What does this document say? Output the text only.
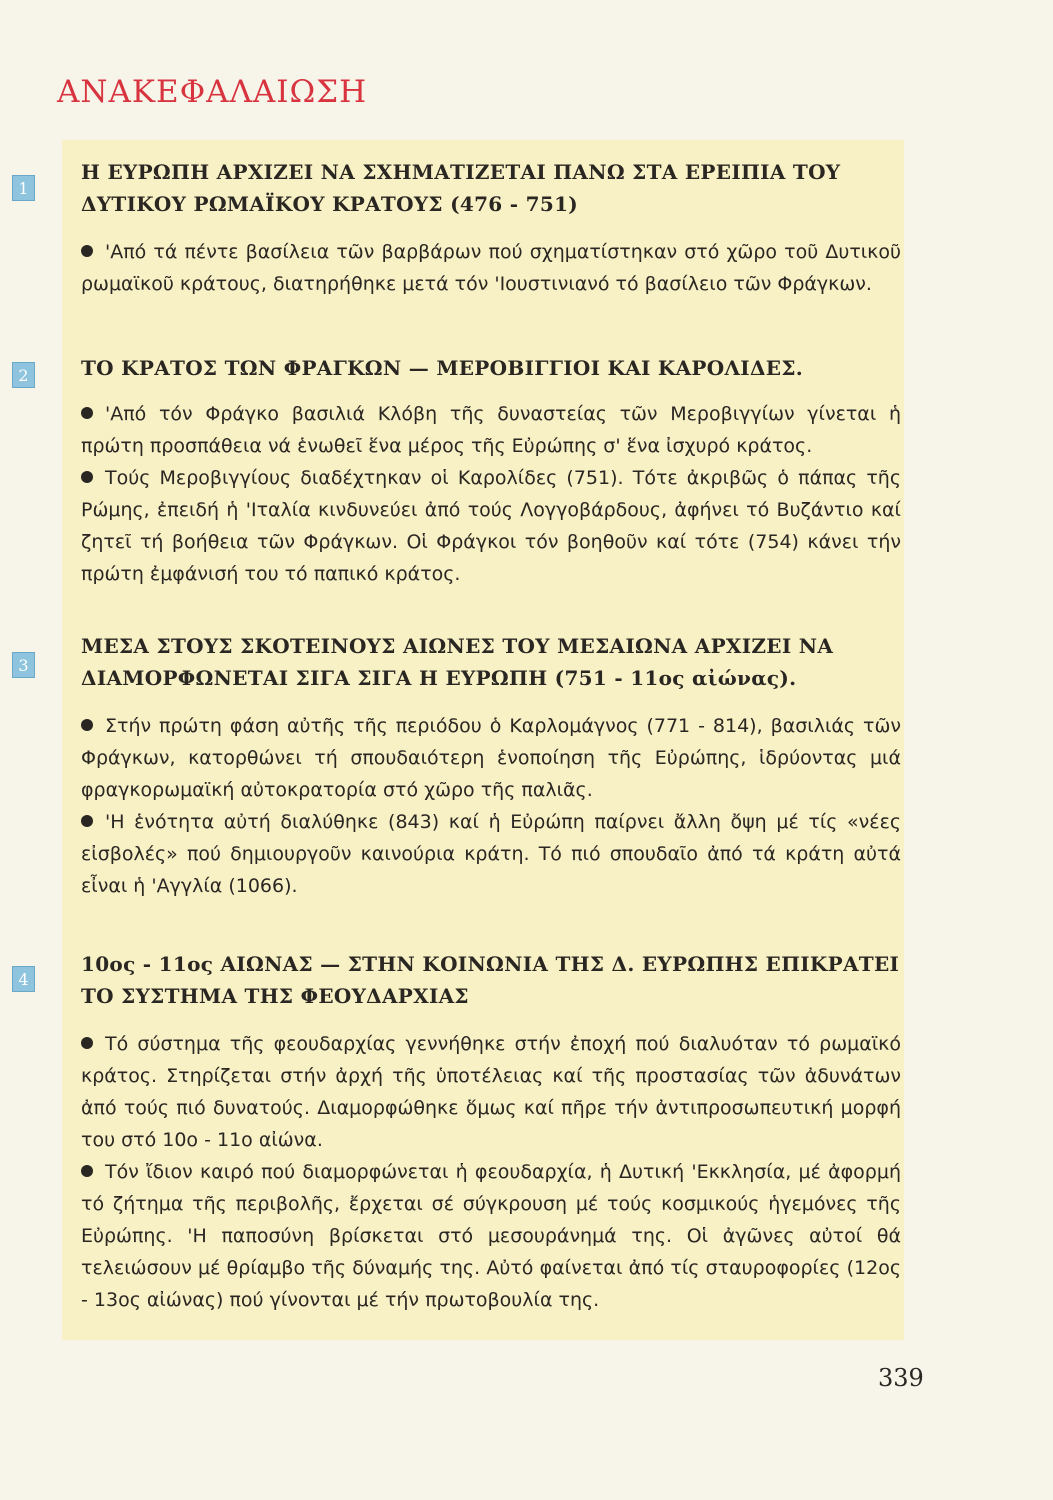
ΑΝΑΚΕΦΑΛΑΙΩΣΗ
1
Η ΕΥΡΩΠΗ ΑΡΧΙΖΕΙ ΝΑ ΣΧΗΜΑΤΙΖΕΤΑΙ ΠΑΝΩ ΣΤΑ ΕΡΕΙΠΙΑ ΤΟΥ ΔΥΤΙΚΟΥ ΡΩΜΑΪΚΟΥ ΚΡΑΤΟΥΣ (476 - 751)

'Από τά πέντε βασίλεια τῶν βαρβάρων πού σχηματίστηκαν στό χῶρο τοῦ Δυτικοῦ ρωμαϊκοῦ κράτους, διατηρήθηκε μετά τόν 'Ιουστινιανό τό βασίλειο τῶν Φράγκων.

2	ΤΟ ΚΡΑΤΟΣ ΤΩΝ ΦΡΑΓΚΩΝ — ΜΕΡΟΒΙΓΓΙΟΙ ΚΑΙ ΚΑΡΟΛΙΔΕΣ.

'Από τόν Φράγκο βασιλιά Κλόβη τῆς δυναστείας τῶν Μεροβιγγίων γίνεται ἡ πρώτη προσπάθεια νά ἑνωθεῖ ἕνα μέρος τῆς Εὐρώπης σ' ἕνα ἰσχυρό κράτος.

Τούς Μεροβιγγίους διαδέχτηκαν οἱ Καρολίδες (751). Τότε ἀκριβῶς ὁ πάπας τῆς Ρώμης, ἐπειδή ἡ 'Ιταλία κινδυνεύει ἀπό τούς Λογγοβάρδους, ἀφήνει τό Βυζάντιο καί ζητεῖ τή βοήθεια τῶν Φράγκων. Οἱ Φράγκοι τόν βοηθοῦν καί τότε (754) κάνει τήν πρώτη ἐμφάνισή του τό παπικό κράτος.

3
ΜΕΣΑ ΣΤΟΥΣ ΣΚΟΤΕΙΝΟΥΣ ΑΙΩΝΕΣ ΤΟΥ ΜΕΣΑΙΩΝΑ ΑΡΧΙΖΕΙ ΝΑ ΔΙΑΜΟΡΦΩΝΕΤΑΙ ΣΙΓΑ ΣΙΓΑ Η ΕΥΡΩΠΗ (751 - 11ος αἰώνας).

Στήν πρώτη φάση αὐτῆς τῆς περιόδου ὁ Καρλομάγνος (771 - 814), βασιλιάς τῶν Φράγκων, κατορθώνει τή σπουδαιότερη ἑνοποίηση τῆς Εὐρώπης, ἱδρύοντας μιά φραγκορωμαϊκή αὐτοκρατορία στό χῶρο τῆς παλιᾶς.

'Η ἑνότητα αὐτή διαλύθηκε (843) καί ἡ Εὐρώπη παίρνει ἄλλη ὄψη μέ τίς «νέες εἰσβολές» πού δημιουργοῦν καινούρια κράτη. Τό πιό σπουδαῖο ἀπό τά κράτη αὐτά εἶναι ἡ 'Αγγλία (1066).

4
10ος - 11ος ΑΙΩΝΑΣ — ΣΤΗΝ ΚΟΙΝΩΝΙΑ ΤΗΣ Δ. ΕΥΡΩΠΗΣ ΕΠΙΚΡΑΤΕΙ ΤΟ ΣΥΣΤΗΜΑ ΤΗΣ ΦΕΟΥΔΑΡΧΙΑΣ

Τό σύστημα τῆς φεουδαρχίας γεννήθηκε στήν ἐποχή πού διαλυόταν τό ρωμαϊκό κράτος. Στηρίζεται στήν ἀρχή τῆς ὑποτέλειας καί τῆς προστασίας τῶν ἀδυνάτων ἀπό τούς πιό δυνατούς. Διαμορφώθηκε ὅμως καί πῆρε τήν ἀντιπροσωπευτική μορφή του στό 10ο - 11ο αἰώνα.

Τόν ἴδιον καιρό πού διαμορφώνεται ἡ φεουδαρχία, ἡ Δυτική 'Εκκλησία, μέ ἀφορμή τό ζήτημα τῆς περιβολῆς, ἔρχεται σέ σύγκρουση μέ τούς κοσμικούς ἡγεμόνες τῆς Εὐρώπης. 'Η παποσύνη βρίσκεται στό μεσουράνημά της. Οἱ ἀγῶνες αὐτοί θά τελειώσουν μέ θρίαμβο τῆς δύναμής της. Αὐτό φαίνεται ἀπό τίς σταυροφορίες (12ος - 13ος αἰώνας) πού γίνονται μέ τήν πρωτοβουλία της.

339
